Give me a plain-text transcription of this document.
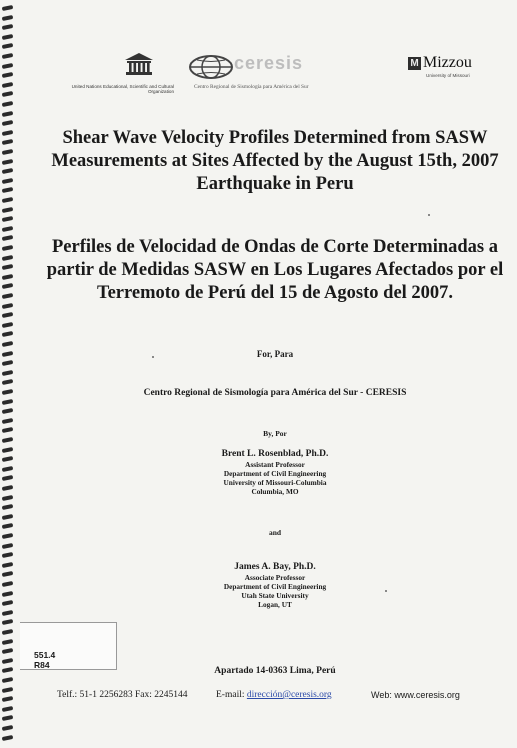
United Nations Educational, Scientific and Cultural Organization
ceresis
Centro Regional de Sismología para América del Sur
M Mizzou
University of Missouri
Shear Wave Velocity Profiles Determined from SASW Measurements at Sites Affected by the August 15th, 2007 Earthquake in Peru
Perfiles de Velocidad de Ondas de Corte Determinadas a partir de Medidas SASW en Los Lugares Afectados por el Terremoto de Perú del 15 de Agosto del 2007.
For, Para
Centro Regional de Sismología para América del Sur - CERESIS
By, Por
Brent L. Rosenblad, Ph.D.
Assistant Professor
Department of Civil Engineering
University of Missouri-Columbia
Columbia, MO
and
James A. Bay, Ph.D.
Associate Professor
Department of Civil Engineering
Utah State University
Logan, UT
551.4
R84
Apartado 14-0363 Lima, Perú
Telf.: 51-1 2256283 Fax: 2245144	E-mail: dirección@ceresis.org	Web: www.ceresis.org
